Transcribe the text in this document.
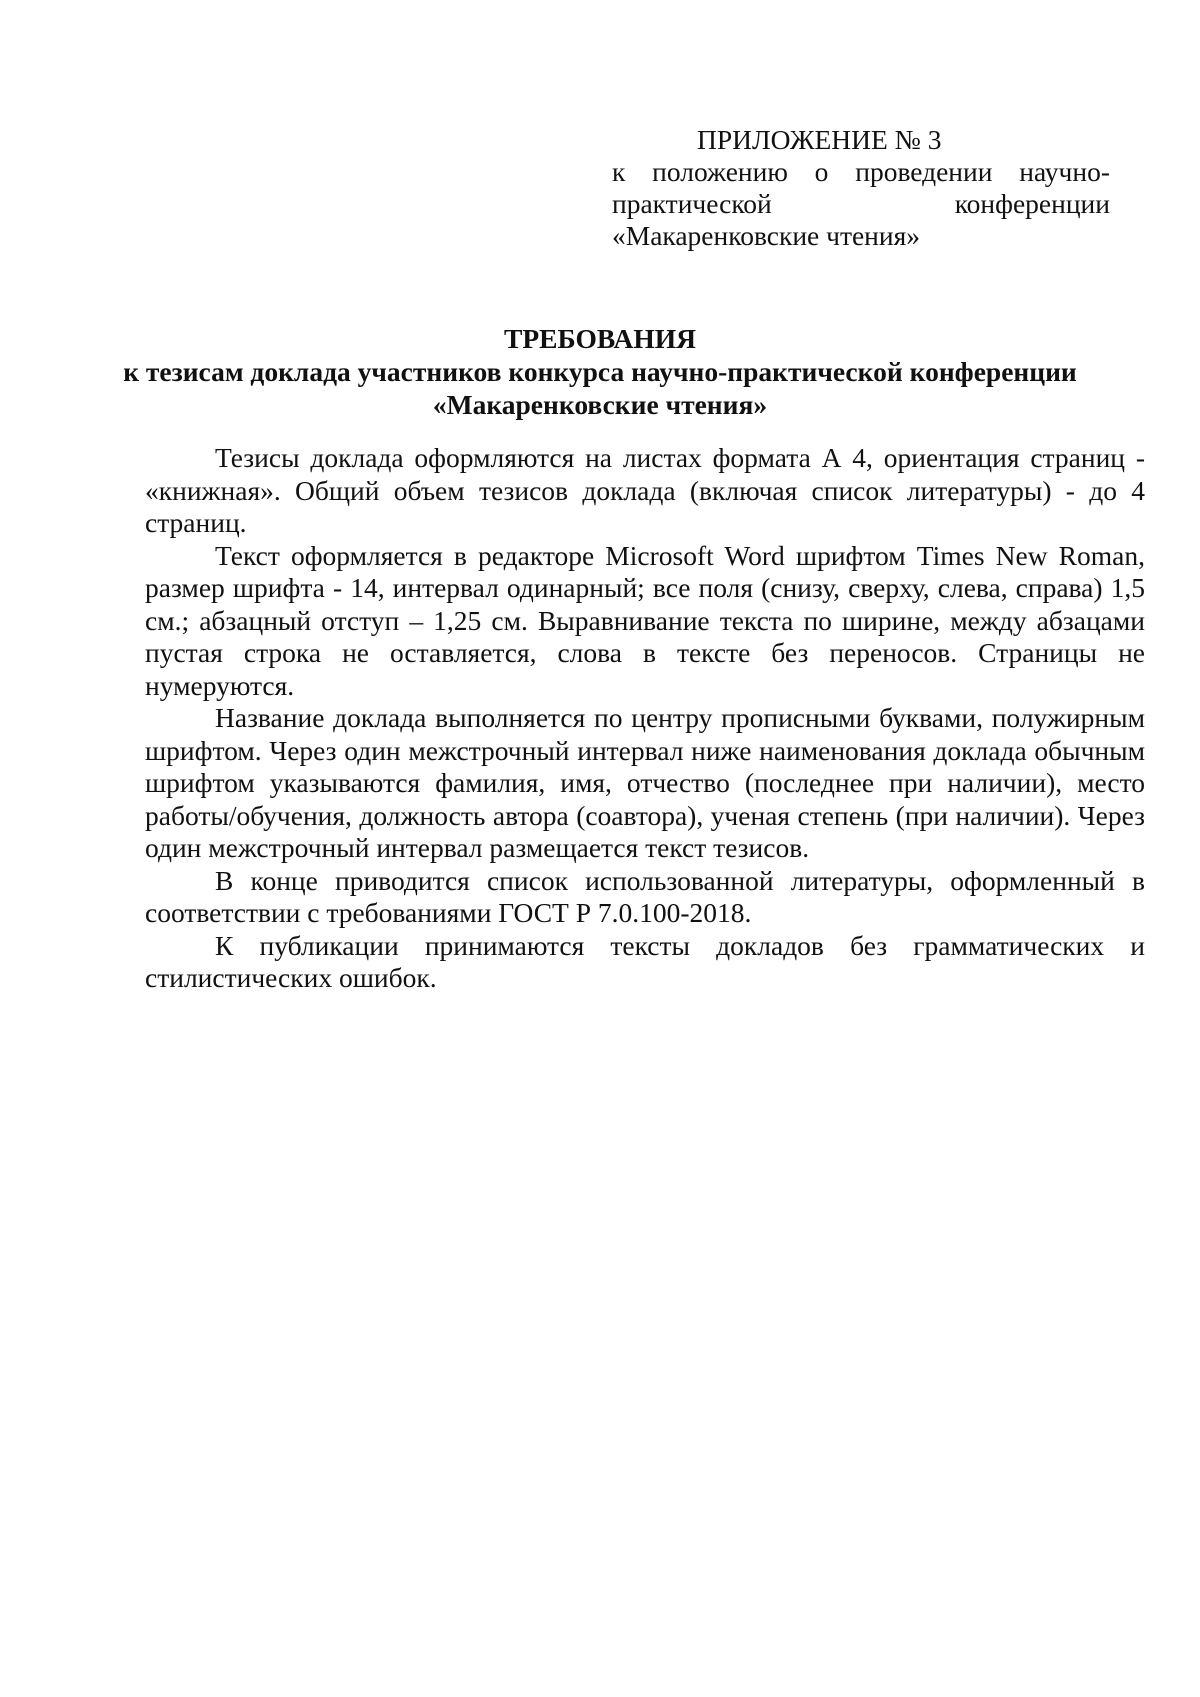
ПРИЛОЖЕНИЕ № 3
к положению о проведении научно-
практической конференции
«Макаренковские чтения»
ТРЕБОВАНИЯ
к тезисам доклада участников конкурса научно-практической конференции
«Макаренковские чтения»

Тезисы доклада оформляются на листах формата А 4, ориентация страниц - «книжная». Общий объем тезисов доклада (включая список литературы) - до 4 страниц.

Текст оформляется в редакторе Microsoft Word шрифтом Times New Roman, размер шрифта - 14, интервал одинарный; все поля (снизу, сверху, слева, справа) 1,5 см.; абзацный отступ – 1,25 см. Выравнивание текста по ширине, между абзацами пустая строка не оставляется, слова в тексте без переносов. Страницы не нумеруются.

Название доклада выполняется по центру прописными буквами, полужирным шрифтом. Через один межстрочный интервал ниже наименования доклада обычным шрифтом указываются фамилия, имя, отчество (последнее при наличии), место работы/обучения, должность автора (соавтора), ученая степень (при наличии). Через один межстрочный интервал размещается текст тезисов.

В конце приводится список использованной литературы, оформленный в соответствии с требованиями ГОСТ Р 7.0.100-2018.

К публикации принимаются тексты докладов без грамматических и стилистических ошибок.
